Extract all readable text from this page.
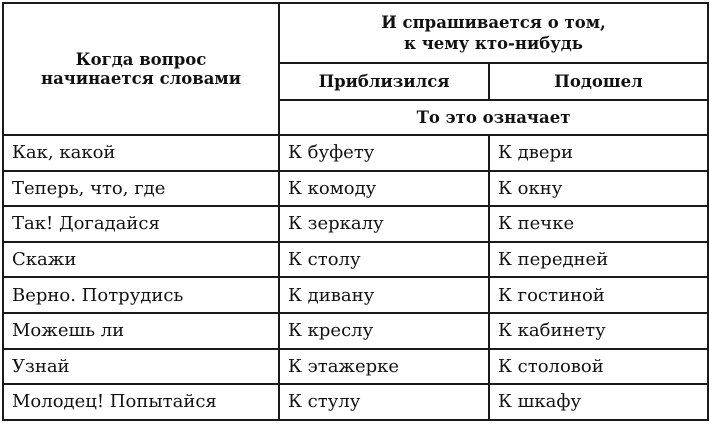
Когда вопрос
начинается словами	И спрашивается о том,
к чему кто-нибудь	
	Приблизился	Подошел
	То это означает	
Как, какой	К буфету	К двери
Теперь, что, где	К комоду	К окну
Так! Догадайся	К зеркалу	К печке
Скажи	К столу	К передней
Верно. Потрудись	К дивану	К гостиной
Можешь ли	К креслу	К кабинету
Узнай	К этажерке	К столовой
Молодец! Попытайся	К стулу	К шкафу
